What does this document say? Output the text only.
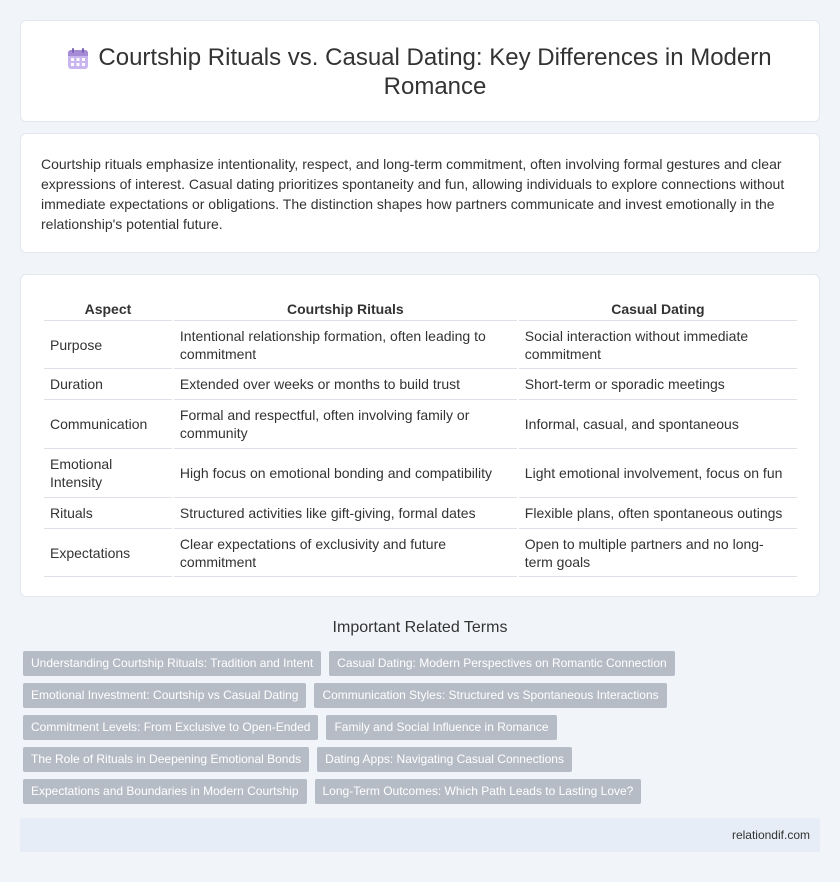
Courtship Rituals vs. Casual Dating: Key Differences in Modern Romance

Courtship rituals emphasize intentionality, respect, and long-term commitment, often involving formal gestures and clear expressions of interest. Casual dating prioritizes spontaneity and fun, allowing individuals to explore connections without immediate expectations or obligations. The distinction shapes how partners communicate and invest emotionally in the relationship's potential future.

Aspect	Courtship Rituals	Casual Dating
Purpose	Intentional relationship formation, often leading to commitment	Social interaction without immediate commitment
Duration	Extended over weeks or months to build trust	Short-term or sporadic meetings
Communication	Formal and respectful, often involving family or community	Informal, casual, and spontaneous
Emotional Intensity	High focus on emotional bonding and compatibility	Light emotional involvement, focus on fun
Rituals	Structured activities like gift-giving, formal dates	Flexible plans, often spontaneous outings
Expectations	Clear expectations of exclusivity and future commitment	Open to multiple partners and no long-term goals
Important Related Terms
Understanding Courtship Rituals: Tradition and Intent	Casual Dating: Modern Perspectives on Romantic Connection
Emotional Investment: Courtship vs Casual Dating	Communication Styles: Structured vs Spontaneous Interactions
Commitment Levels: From Exclusive to Open-Ended	Family and Social Influence in Romance
The Role of Rituals in Deepening Emotional Bonds	Dating Apps: Navigating Casual Connections
Expectations and Boundaries in Modern Courtship	Long-Term Outcomes: Which Path Leads to Lasting Love?
relationdif.com
